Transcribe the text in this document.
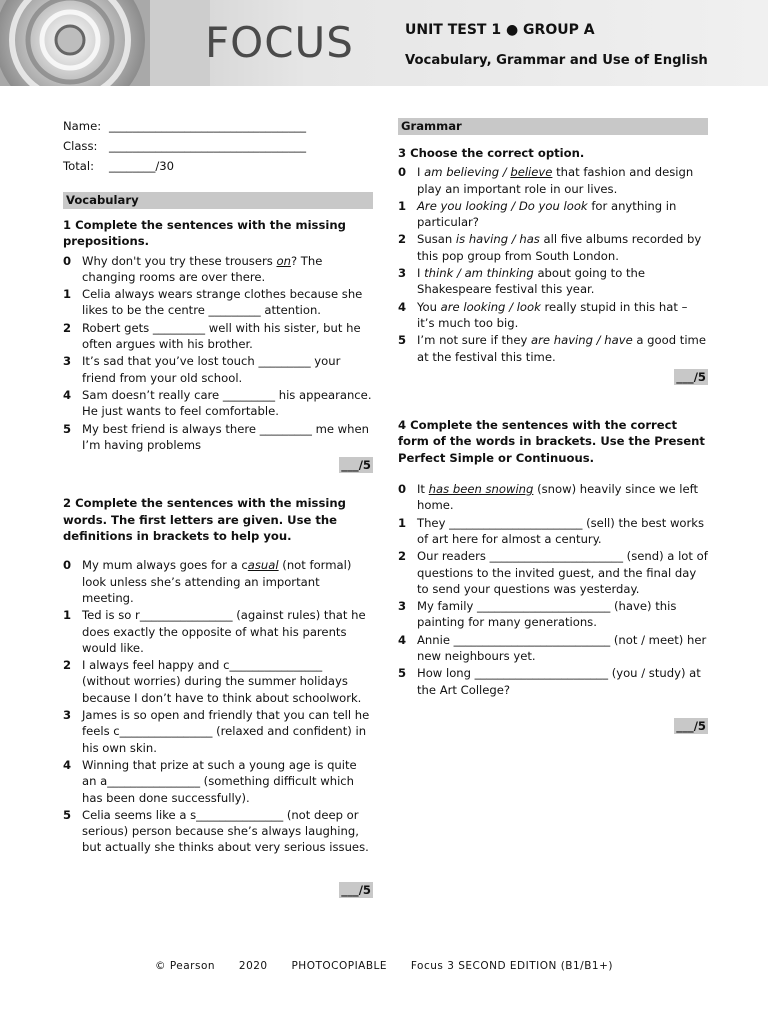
FOCUS	UNIT TEST 1 ● GROUP A
Vocabulary, Grammar and Use of English
Name: __________________________________
Class: __________________________________
Total:	________/30
Vocabulary
1 Complete the sentences with the missing prepositions.
0 Why don't you try these trousers on? The changing rooms are over there.
1 Celia always wears strange clothes because she likes to be the centre _________ attention.
2 Robert gets _________ well with his sister, but he often argues with his brother.
3 It’s sad that you’ve lost touch _________ your friend from your old school.
4 Sam doesn’t really care _________ his appearance. He just wants to feel comfortable.
5 My best friend is always there _________ me when I’m having problems
___/5
2 Complete the sentences with the missing words. The first letters are given. Use the definitions in brackets to help you.
0 My mum always goes for a casual (not formal) look unless she’s attending an important meeting.
1 Ted is so r________________ (against rules) that he does exactly the opposite of what his parents would like.
2 I always feel happy and c________________ (without worries) during the summer holidays because I don’t have to think about schoolwork.
3 James is so open and friendly that you can tell he feels c________________ (relaxed and confident) in his own skin.
4 Winning that prize at such a young age is quite an a________________ (something difficult which has been done successfully).
5 Celia seems like a s_______________ (not deep or serious) person because she’s always laughing, but actually she thinks about very serious issues.
___/5
Grammar
3 Choose the correct option.
0 I am believing / believe that fashion and design play an important role in our lives.
1 Are you looking / Do you look for anything in particular?
2 Susan is having / has all five albums recorded by this pop group from South London.
3 I think / am thinking about going to the Shakespeare festival this year.
4 You are looking / look really stupid in this hat – it’s much too big.
5 I’m not sure if they are having / have a good time at the festival this time.
___/5
4 Complete the sentences with the correct form of the words in brackets. Use the Present Perfect Simple or Continuous.
0 It has been snowing (snow) heavily since we left home.
1 They _______________________ (sell) the best works of art here for almost a century.
2 Our readers _______________________ (send) a lot of questions to the invited guest, and the final day to send your questions was yesterday.
3 My family _______________________ (have) this painting for many generations.
4 Annie ___________________________ (not / meet) her new neighbours yet.
5 How long _______________________ (you / study) at the Art College?
___/5
© Pearson 2020 PHOTOCOPIABLE Focus 3 SECOND EDITION (B1/B1+)
